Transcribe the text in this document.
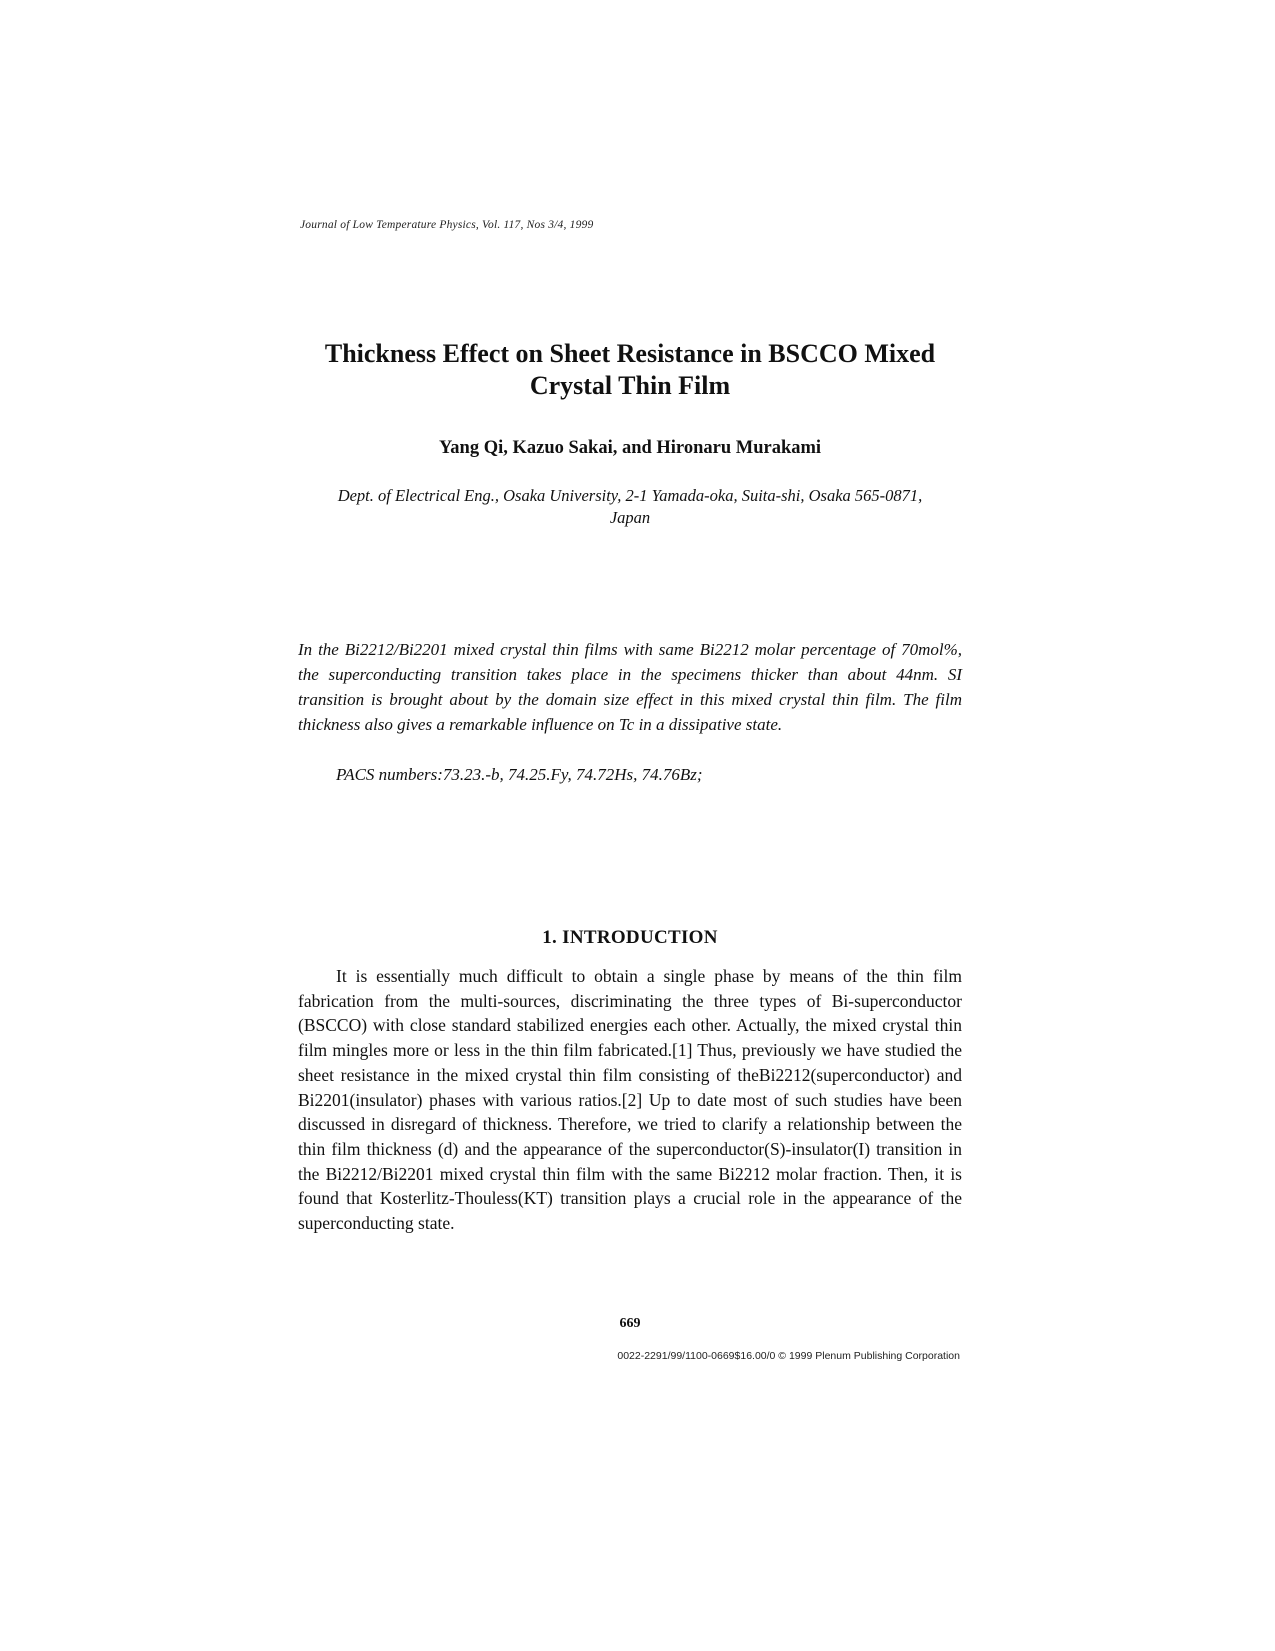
Journal of Low Temperature Physics, Vol. 117, Nos 3/4, 1999
Thickness Effect on Sheet Resistance in BSCCO Mixed Crystal Thin Film
Yang Qi, Kazuo Sakai, and Hironaru Murakami
Dept. of Electrical Eng., Osaka University, 2-1 Yamada-oka, Suita-shi, Osaka 565-0871, Japan

In the Bi2212/Bi2201 mixed crystal thin films with same Bi2212 molar percentage of 70mol%, the superconducting transition takes place in the specimens thicker than about 44nm. SI transition is brought about by the domain size effect in this mixed crystal thin film. The film thickness also gives a remarkable influence on Tc in a dissipative state.

PACS numbers:73.23.-b, 74.25.Fy, 74.72Hs, 74.76Bz;

1. INTRODUCTION

It is essentially much difficult to obtain a single phase by means of the thin film fabrication from the multi-sources, discriminating the three types of Bi-superconductor (BSCCO) with close standard stabilized energies each other. Actually, the mixed crystal thin film mingles more or less in the thin film fabricated.[1] Thus, previously we have studied the sheet resistance in the mixed crystal thin film consisting of theBi2212(superconductor) and Bi2201(insulator) phases with various ratios.[2] Up to date most of such studies have been discussed in disregard of thickness. Therefore, we tried to clarify a relationship between the thin film thickness (d) and the appearance of the superconductor(S)-insulator(I) transition in the Bi2212/Bi2201 mixed crystal thin film with the same Bi2212 molar fraction. Then, it is found that Kosterlitz-Thouless(KT) transition plays a crucial role in the appearance of the superconducting state.

669
0022-2291/99/1100-0669$16.00/0 © 1999 Plenum Publishing Corporation
